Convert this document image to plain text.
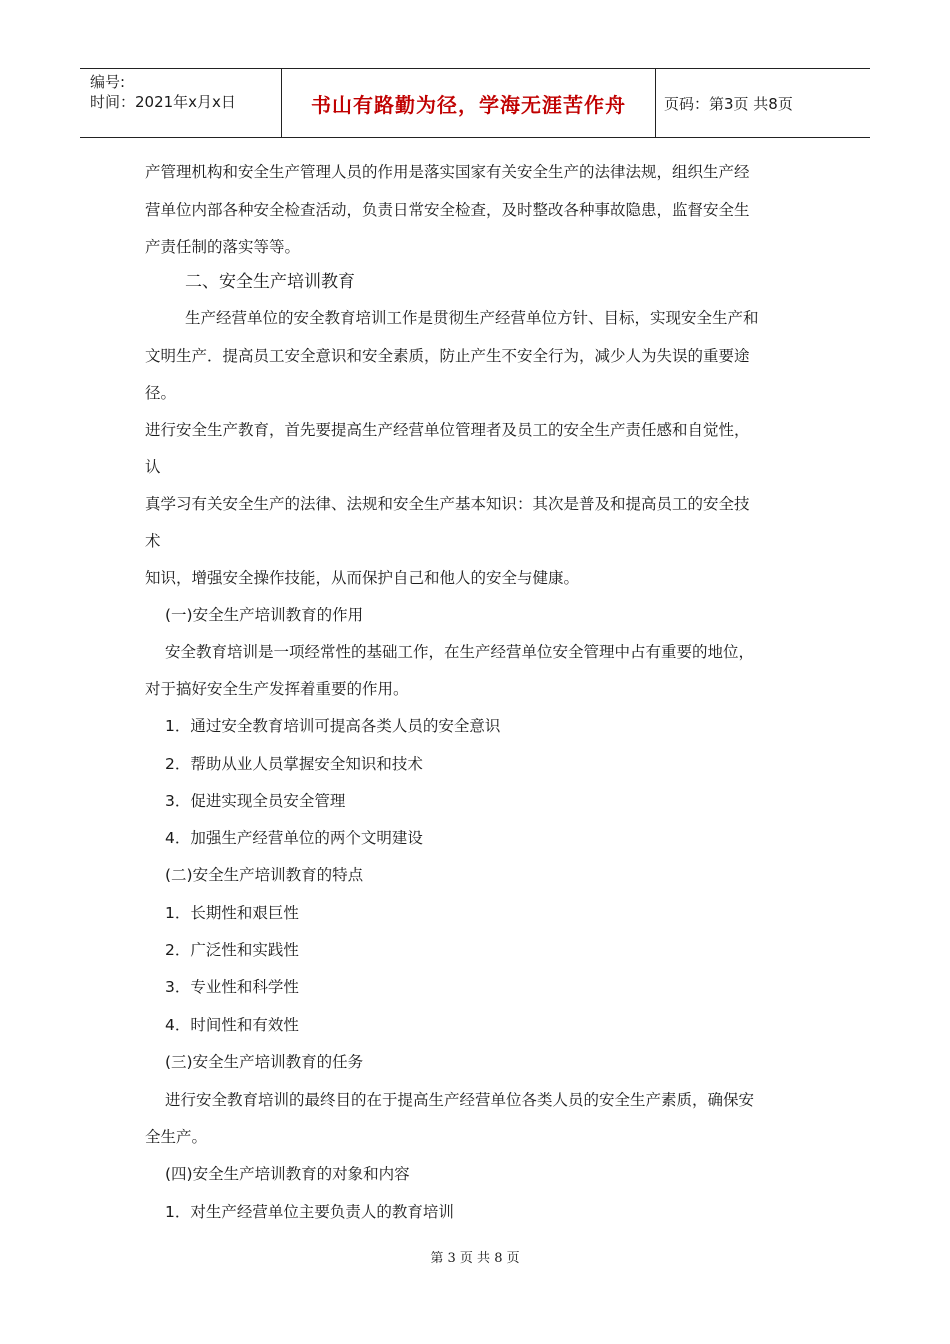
编号:
时间：2021年x月x日	书山有路勤为径，学海无涯苦作舟	页码：第3页 共8页
产管理机构和安全生产管理人员的作用是落实国家有关安全生产的法律法规，组织生产经
营单位内部各种安全检查活动，负责日常安全检查，及时整改各种事故隐患，监督安全生
产责任制的落实等等。
二、安全生产培训教育
生产经营单位的安全教育培训工作是贯彻生产经营单位方针、目标，实现安全生产和
文明生产．提高员工安全意识和安全素质，防止产生不安全行为，减少人为失误的重要途
径。
进行安全生产教育，首先要提高生产经营单位管理者及员工的安全生产责任感和自觉性，
认
真学习有关安全生产的法律、法规和安全生产基本知识：其次是普及和提高员工的安全技
术
知识，增强安全操作技能，从而保护自己和他人的安全与健康。
(一)安全生产培训教育的作用
安全教育培训是一项经常性的基础工作，在生产经营单位安全管理中占有重要的地位，
对于搞好安全生产发挥着重要的作用。
1．通过安全教育培训可提高各类人员的安全意识
2．帮助从业人员掌握安全知识和技术
3．促进实现全员安全管理
4．加强生产经营单位的两个文明建设
(二)安全生产培训教育的特点
1．长期性和艰巨性
2．广泛性和实践性
3．专业性和科学性
4．时间性和有效性
(三)安全生产培训教育的任务
进行安全教育培训的最终目的在于提高生产经营单位各类人员的安全生产素质，确保安
全生产。
(四)安全生产培训教育的对象和内容
1．对生产经营单位主要负责人的教育培训
第 3 页 共 8 页
